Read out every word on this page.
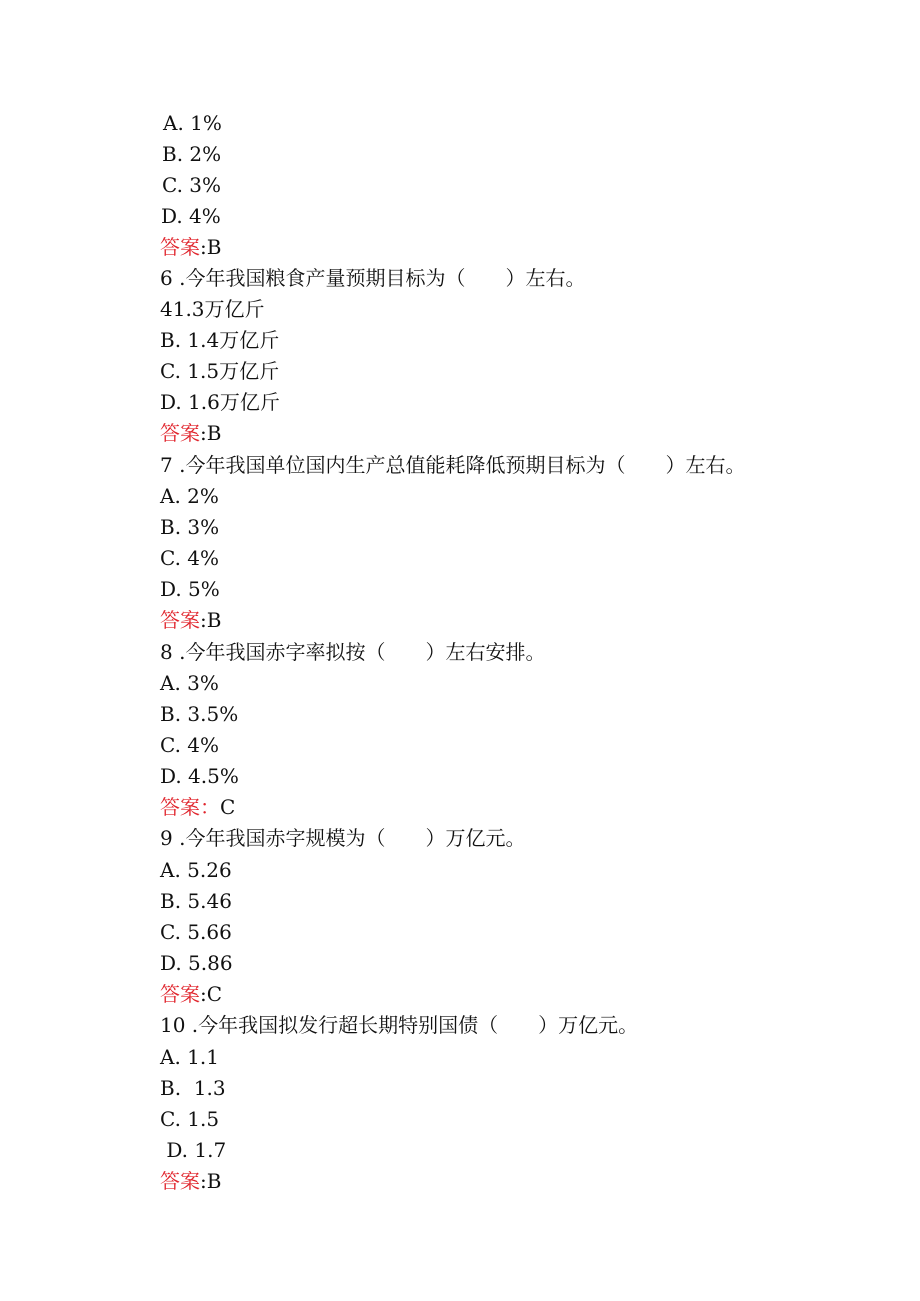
A. 1%
B. 2%
C. 3%
D. 4%
答案:B
6 .今年我国粮食产量预期目标为（　　）左右。
41.3万亿斤
B. 1.4万亿斤
C. 1.5万亿斤
D. 1.6万亿斤
答案:B
7 .今年我国单位国内生产总值能耗降低预期目标为（　　）左右。
A. 2%
B. 3%
C. 4%
D. 5%
答案:B
8 .今年我国赤字率拟按（　　）左右安排。
A. 3%
B. 3.5%
C. 4%
D. 4.5%
答案：C
9 .今年我国赤字规模为（　　）万亿元。
A. 5.26
B. 5.46
C. 5.66
D. 5.86
答案:C
10 .今年我国拟发行超长期特别国债（　　）万亿元。
A. 1.1
B.  1.3
C. 1.5
D. 1.7
答案:B
